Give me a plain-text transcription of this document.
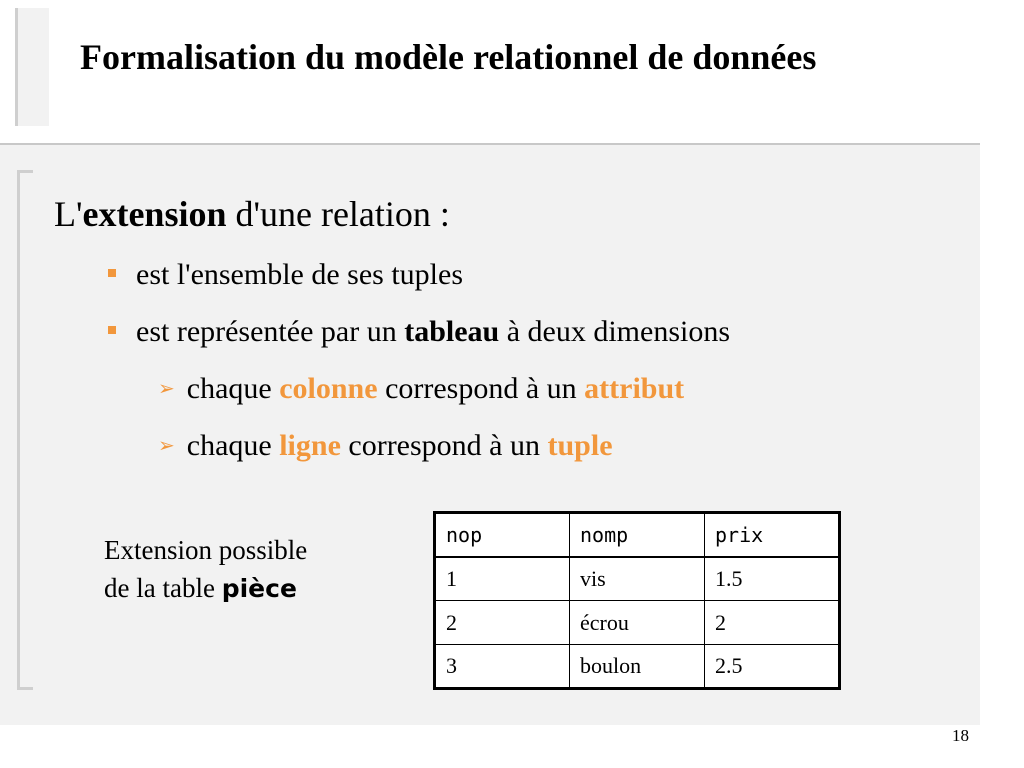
Formalisation du modèle relationnel de données

L'extension d'une relation :

est l'ensemble de ses tuples
est représentée par un tableau à deux dimensions
➢ chaque colonne correspond à un attribut
➢ chaque ligne correspond à un tuple

Extension possible
de la table pièce

nop	nomp	prix
1	vis	1.5
2	écrou	2
3	boulon	2.5
18
